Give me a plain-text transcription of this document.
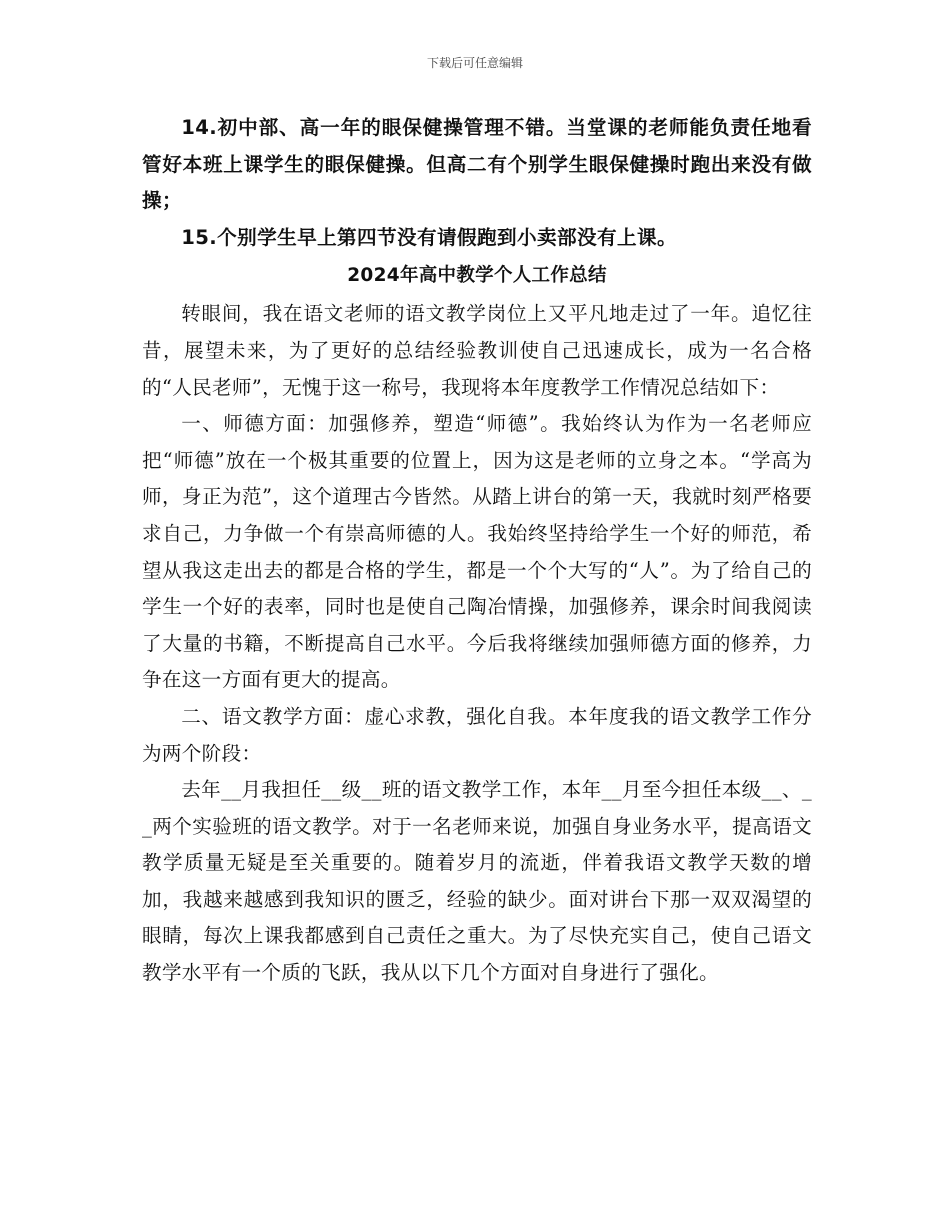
下载后可任意编辑

14.初中部、高一年的眼保健操管理不错。当堂课的老师能负责任地看管好本班上课学生的眼保健操。但高二有个别学生眼保健操时跑出来没有做操；

15.个别学生早上第四节没有请假跑到小卖部没有上课。

2024年高中教学个人工作总结

转眼间，我在语文老师的语文教学岗位上又平凡地走过了一年。追忆往昔，展望未来，为了更好的总结经验教训使自己迅速成长，成为一名合格的“人民老师”，无愧于这一称号，我现将本年度教学工作情况总结如下：

一、师德方面：加强修养，塑造“师德”。我始终认为作为一名老师应把“师德”放在一个极其重要的位置上，因为这是老师的立身之本。“学高为师，身正为范”，这个道理古今皆然。从踏上讲台的第一天，我就时刻严格要求自己，力争做一个有崇高师德的人。我始终坚持给学生一个好的师范，希望从我这走出去的都是合格的学生，都是一个个大写的“人”。为了给自己的学生一个好的表率，同时也是使自己陶冶情操，加强修养，课余时间我阅读了大量的书籍，不断提高自己水平。今后我将继续加强师德方面的修养，力争在这一方面有更大的提高。

二、语文教学方面：虚心求教，强化自我。本年度我的语文教学工作分为两个阶段：

去年__月我担任__级__班的语文教学工作，本年__月至今担任本级__、__两个实验班的语文教学。对于一名老师来说，加强自身业务水平，提高语文教学质量无疑是至关重要的。随着岁月的流逝，伴着我语文教学天数的增加，我越来越感到我知识的匮乏，经验的缺少。面对讲台下那一双双渴望的眼睛，每次上课我都感到自己责任之重大。为了尽快充实自己，使自己语文教学水平有一个质的飞跃，我从以下几个方面对自身进行了强化。
